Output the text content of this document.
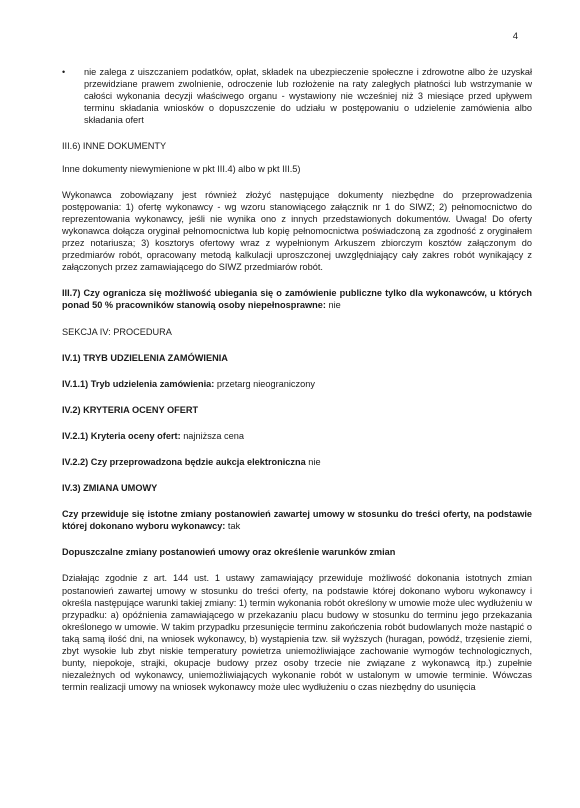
4
•	nie zalega z uiszczaniem podatków, opłat, składek na ubezpieczenie społeczne i zdrowotne albo że uzyskał przewidziane prawem zwolnienie, odroczenie lub rozłożenie na raty zaległych płatności lub wstrzymanie w całości wykonania decyzji właściwego organu - wystawiony nie wcześniej niż 3 miesiące przed upływem terminu składania wniosków o dopuszczenie do udziału w postępowaniu o udzielenie zamówienia albo składania ofert

III.6) INNE DOKUMENTY

Inne dokumenty niewymienione w pkt III.4) albo w pkt III.5)

Wykonawca zobowiązany jest również złożyć następujące dokumenty niezbędne do przeprowadzenia postępowania: 1) ofertę wykonawcy - wg wzoru stanowiącego załącznik nr 1 do SIWZ; 2) pełnomocnictwo do reprezentowania wykonawcy, jeśli nie wynika ono z innych przedstawionych dokumentów. Uwaga! Do oferty wykonawca dołącza oryginał pełnomocnictwa lub kopię pełnomocnictwa poświadczoną za zgodność z oryginałem przez notariusza; 3) kosztorys ofertowy wraz z wypełnionym Arkuszem zbiorczym kosztów załączonym do przedmiarów robót, opracowany metodą kalkulacji uproszczonej uwzględniający cały zakres robót wynikający z załączonych przez zamawiającego do SIWZ przedmiarów robót.

III.7) Czy ogranicza się możliwość ubiegania się o zamówienie publiczne tylko dla wykonawców, u których ponad 50 % pracowników stanowią osoby niepełnosprawne: nie

SEKCJA IV: PROCEDURA

IV.1) TRYB UDZIELENIA ZAMÓWIENIA

IV.1.1) Tryb udzielenia zamówienia: przetarg nieograniczony

IV.2) KRYTERIA OCENY OFERT

IV.2.1) Kryteria oceny ofert: najniższa cena

IV.2.2) Czy przeprowadzona będzie aukcja elektroniczna nie

IV.3) ZMIANA UMOWY

Czy przewiduje się istotne zmiany postanowień zawartej umowy w stosunku do treści oferty, na podstawie której dokonano wyboru wykonawcy: tak

Dopuszczalne zmiany postanowień umowy oraz określenie warunków zmian

Działając zgodnie z art. 144 ust. 1 ustawy zamawiający przewiduje możliwość dokonania istotnych zmian postanowień zawartej umowy w stosunku do treści oferty, na podstawie której dokonano wyboru wykonawcy i określa następujące warunki takiej zmiany: 1) termin wykonania robót określony w umowie może ulec wydłużeniu w przypadku: a) opóźnienia zamawiającego w przekazaniu placu budowy w stosunku do terminu jego przekazania określonego w umowie. W takim przypadku przesunięcie terminu zakończenia robót budowlanych może nastąpić o taką samą ilość dni, na wniosek wykonawcy, b) wystąpienia tzw. sił wyższych (huragan, powódź, trzęsienie ziemi, zbyt wysokie lub zbyt niskie temperatury powietrza uniemożliwiające zachowanie wymogów technologicznych, bunty, niepokoje, strajki, okupacje budowy przez osoby trzecie nie związane z wykonawcą itp.) zupełnie niezależnych od wykonawcy, uniemożliwiających wykonanie robót w ustalonym w umowie terminie. Wówczas termin realizacji umowy na wniosek wykonawcy może ulec wydłużeniu o czas niezbędny do usunięcia
